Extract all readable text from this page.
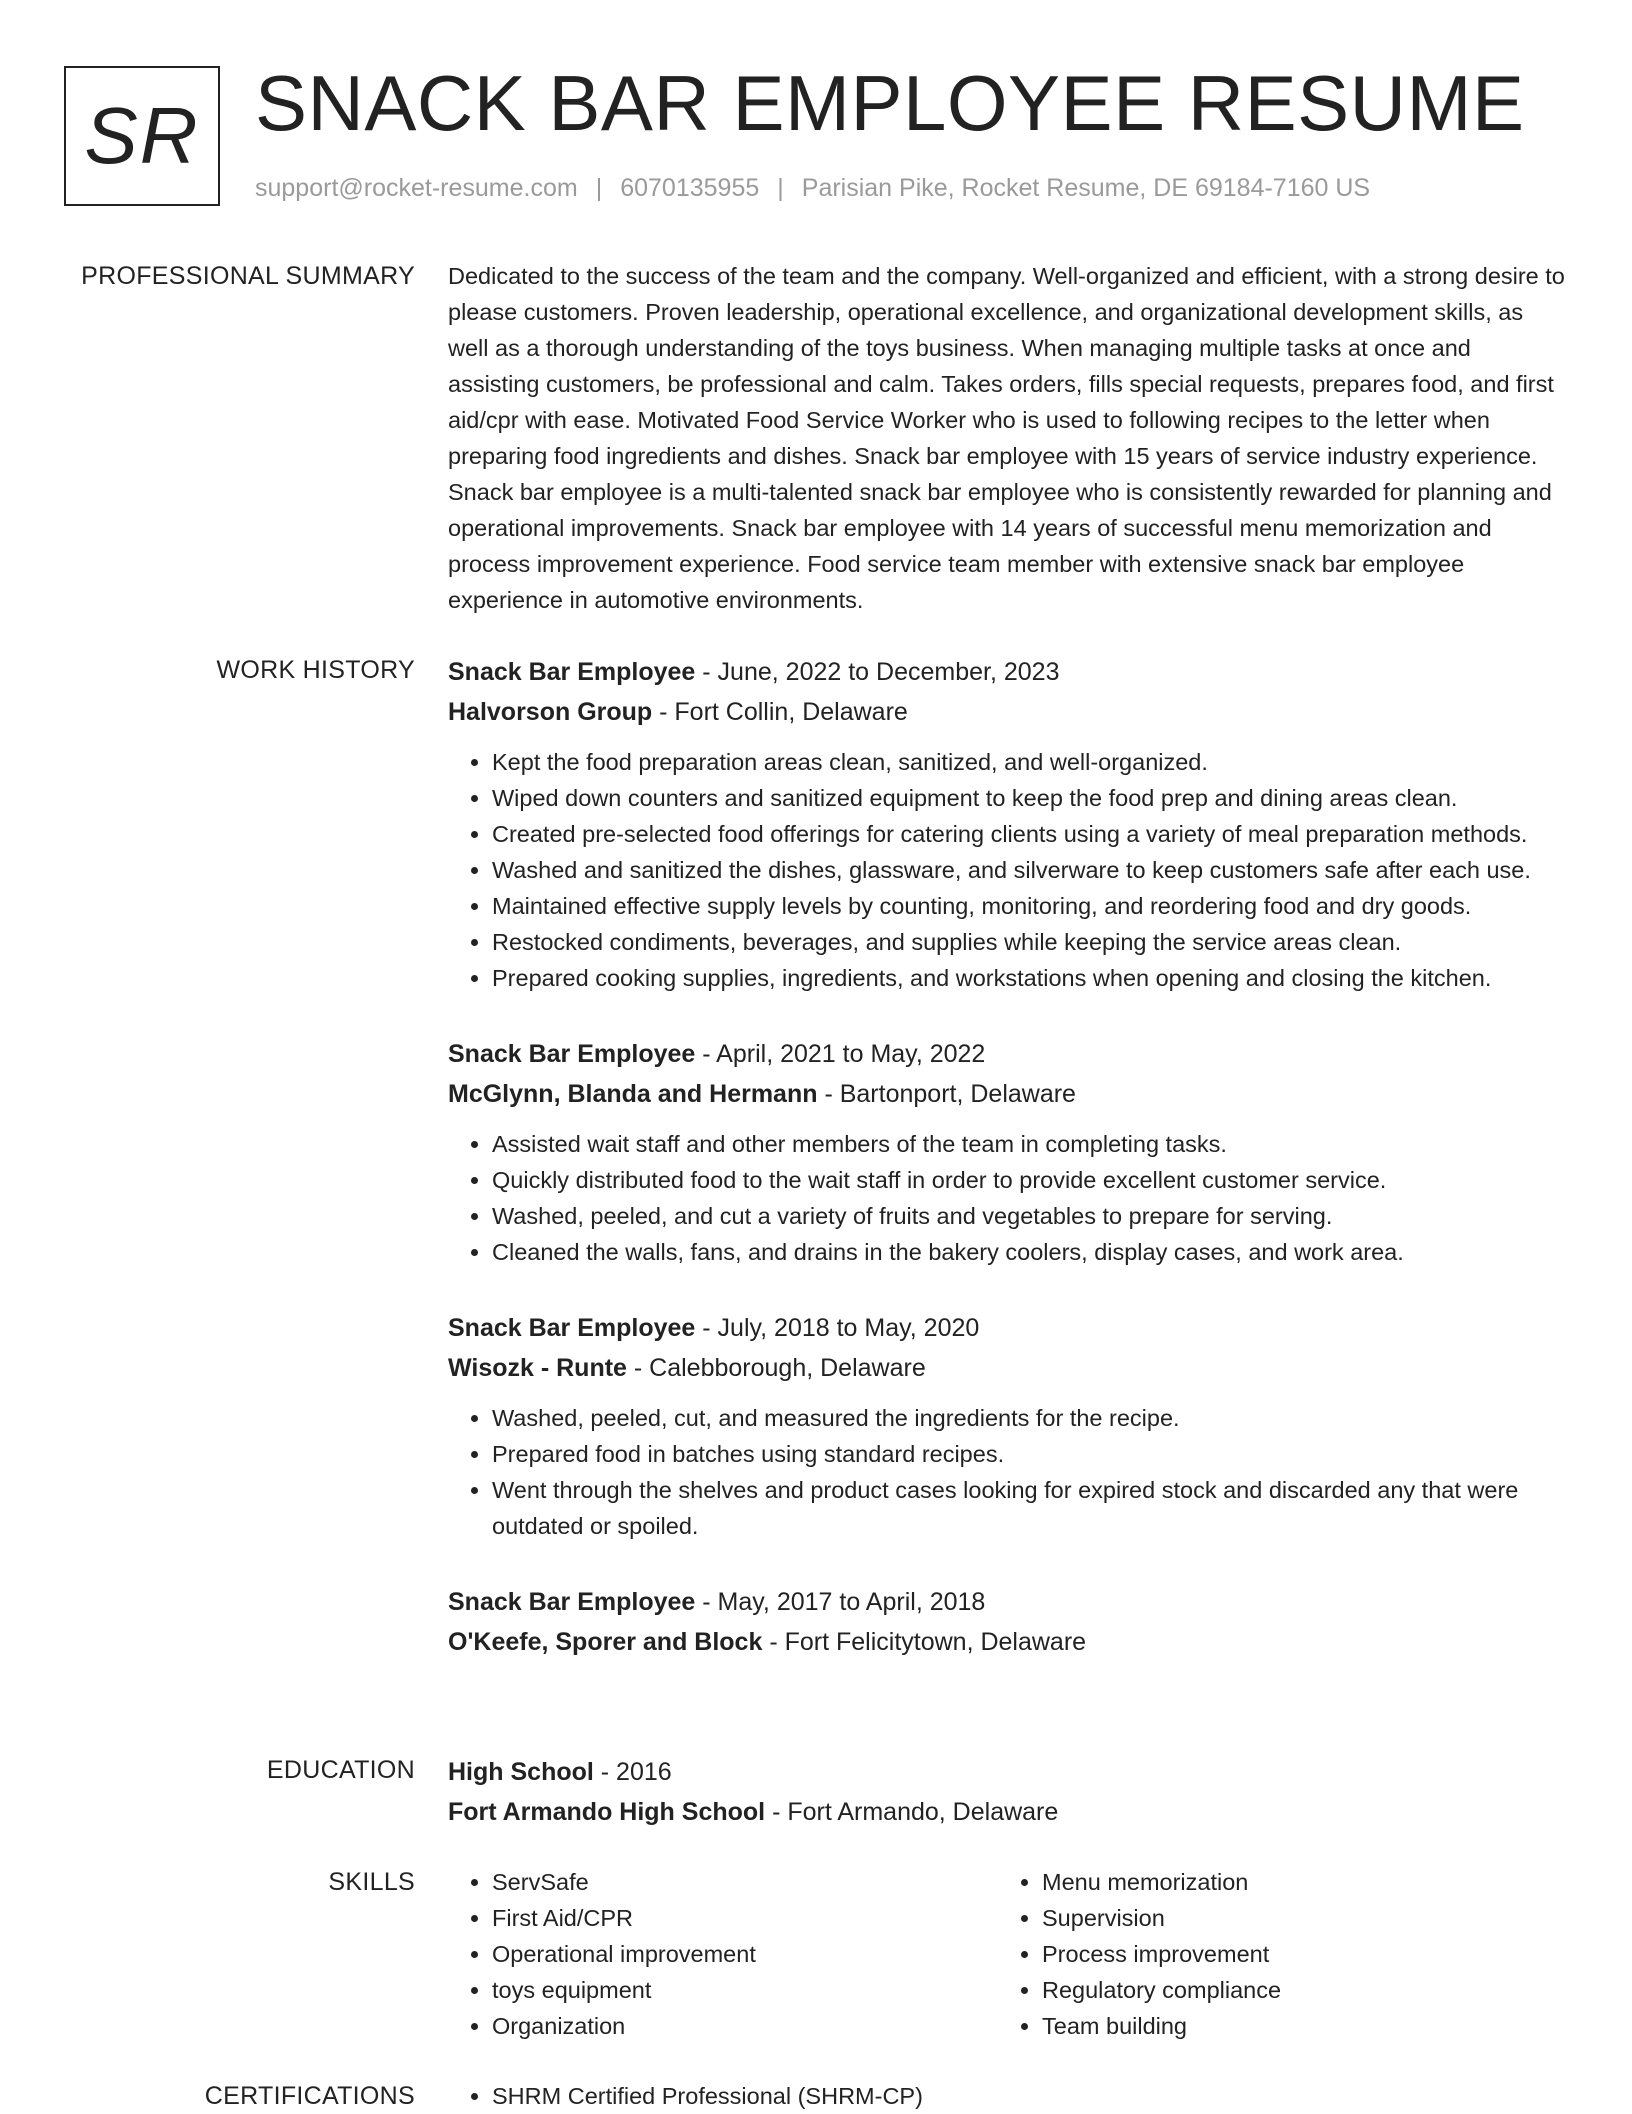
SR SNACK BAR EMPLOYEE RESUME
support@rocket-resume.com | 6070135955 | Parisian Pike, Rocket Resume, DE 69184-7160 US
PROFESSIONAL SUMMARY Dedicated to the success of the team and the company. Well-organized and efficient, with a strong desire to please customers. Proven leadership, operational excellence, and organizational development skills, as well as a thorough understanding of the toys business. When managing multiple tasks at once and assisting customers, be professional and calm. Takes orders, fills special requests, prepares food, and first aid/cpr with ease. Motivated Food Service Worker who is used to following recipes to the letter when preparing food ingredients and dishes. Snack bar employee with 15 years of service industry experience. Snack bar employee is a multi-talented snack bar employee who is consistently rewarded for planning and operational improvements. Snack bar employee with 14 years of successful menu memorization and process improvement experience. Food service team member with extensive snack bar employee experience in automotive environments.

WORK HISTORY Snack Bar Employee - June, 2022 to December, 2023
Halvorson Group - Fort Collin, Delaware
• Kept the food preparation areas clean, sanitized, and well-organized.
• Wiped down counters and sanitized equipment to keep the food prep and dining areas clean.
• Created pre-selected food offerings for catering clients using a variety of meal preparation methods.
• Washed and sanitized the dishes, glassware, and silverware to keep customers safe after each use.
• Maintained effective supply levels by counting, monitoring, and reordering food and dry goods.
• Restocked condiments, beverages, and supplies while keeping the service areas clean.
• Prepared cooking supplies, ingredients, and workstations when opening and closing the kitchen.
Snack Bar Employee - April, 2021 to May, 2022
McGlynn, Blanda and Hermann - Bartonport, Delaware
• Assisted wait staff and other members of the team in completing tasks.
• Quickly distributed food to the wait staff in order to provide excellent customer service.
• Washed, peeled, and cut a variety of fruits and vegetables to prepare for serving.
• Cleaned the walls, fans, and drains in the bakery coolers, display cases, and work area.
Snack Bar Employee - July, 2018 to May, 2020
Wisozk - Runte - Calebborough, Delaware
• Washed, peeled, cut, and measured the ingredients for the recipe.
• Prepared food in batches using standard recipes.
• Went through the shelves and product cases looking for expired stock and discarded any that were outdated or spoiled.
Snack Bar Employee - May, 2017 to April, 2018
O'Keefe, Sporer and Block - Fort Felicitytown, Delaware
EDUCATION High School - 2016
Fort Armando High School - Fort Armando, Delaware
SKILLS	• ServSafe
• First Aid/CPR
• Operational improvement
• toys equipment
• Organization
• Menu memorization
• Supervision
• Process improvement
• Regulatory compliance
• Team building
CERTIFICATIONS	• SHRM Certified Professional (SHRM-CP)
